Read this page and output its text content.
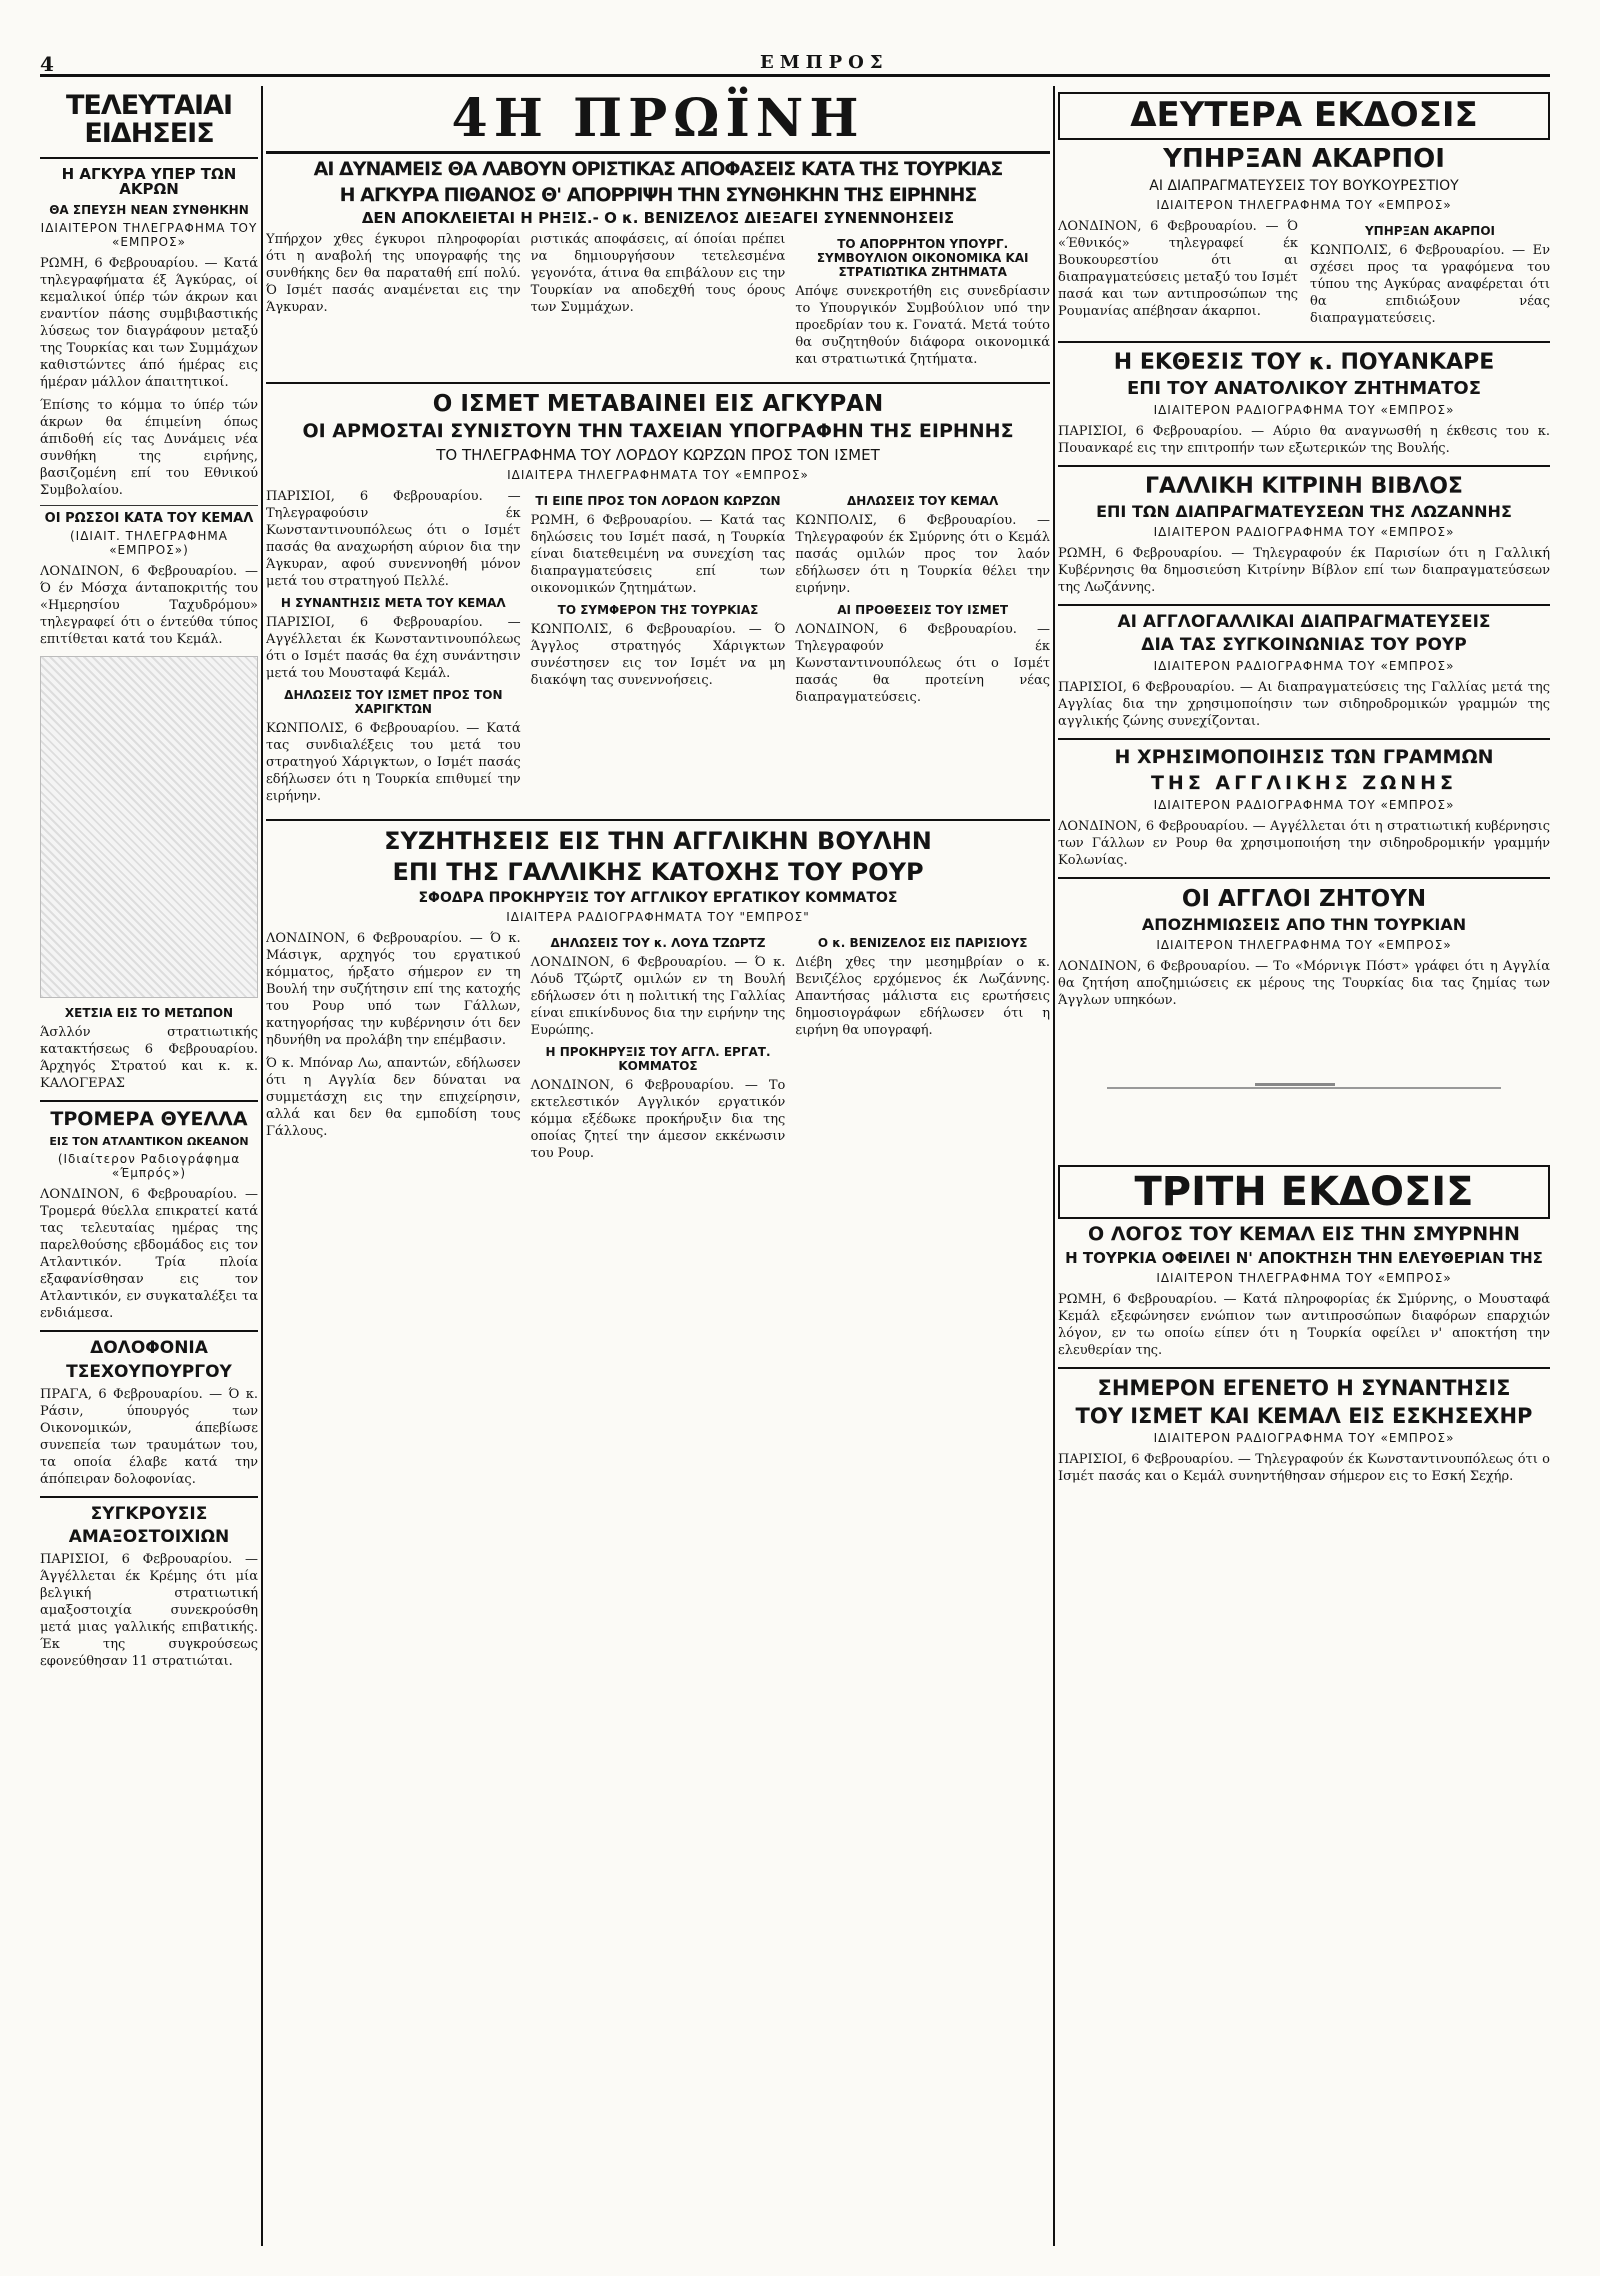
4	ΕΜΠΡΟΣ
ΤΕΛΕΥΤΑΙΑΙ ΕΙΔΗΣΕΙΣ
Η ΑΓΚΥΡΑ ΥΠΕΡ ΤΩΝ ΑΚΡΩΝ
ΘΑ ΣΠΕΥΣΗ ΝΕΑΝ ΣΥΝΘΗΚΗΝ
ΙΔΙΑΙΤΕΡΟΝ ΤΗΛΕΓΡΑΦΗΜΑ ΤΟΥ «ΕΜΠΡΟΣ»

ΡΩΜΗ, 6 Φεβρουαρίου. — Κατά τηλεγραφήματα έξ Άγκύρας, οί κεμαλικοί ύπέρ τών άκρων και εναντίον πάσης συμβιβαστικής λύσεως τον διαγράφουν μεταξύ της Τουρκίας και των Συμμάχων καθιστώντες άπό ήμέρας εις ήμέραν μάλλον άπαιτητικοί.

Έπίσης το κόμμα το ύπέρ τών άκρων θα έπιμείνη όπως άπιδοθή είς τας Δυνάμεις νέα συνθήκη της ειρήνης, βασιζομένη επί του Εθνικού Συμβολαίου.

ΟΙ ΡΩΣΣΟΙ ΚΑΤΑ ΤΟΥ ΚΕΜΑΛ
(ΙΔΙΑΙΤ. ΤΗΛΕΓΡΑΦΗΜΑ «ΕΜΠΡΟΣ»)

ΛΟΝΔΙΝΟΝ, 6 Φεβρουαρίου. — Ό έν Μόσχα άνταποκριτής του «Ημερησίου Ταχυδρόμου» τηλεγραφεί ότι ο έντεύθα τύπος επιτίθεται κατά του Κεμάλ.

ΧΕΤΣΙΑ ΕΙΣ ΤΟ ΜΕΤΩΠΟΝ

Άσλλόν στρατιωτικής κατακτήσεως 6 Φεβρουαρίου. Άρχηγός Στρατού και κ. κ. ΚΑΛΟΓΕΡΑΣ

ΤΡΟΜΕΡΑ ΘΥΕΛΛΑ
ΕΙΣ ΤΟΝ ΑΤΛΑΝΤΙΚΟΝ ΩΚΕΑΝΟΝ
(Ιδιαίτερον Ραδιογράφημα «Έμπρός»)

ΛΟΝΔΙΝΟΝ, 6 Φεβρουαρίου. — Τρομερά θύελλα επικρατεί κατά τας τελευταίας ημέρας της παρελθούσης εβδομάδος εις τον Ατλαντικόν. Τρία πλοία εξαφανίσθησαν εις τον Ατλαντικόν, εν συγκαταλέξει τα ενδιάμεσα.

ΔΟΛΟΦΟΝΙΑ
ΤΣΕΧΟΥΠΟΥΡΓΟΥ

ΠΡΑΓΑ, 6 Φεβρουαρίου. — Ό κ. Ράσιν, ύπουργός των Οικονομικών, άπεβίωσε συνεπεία των τραυμάτων του, τα οποία έλαβε κατά την άπόπειραν δολοφονίας.

ΣΥΓΚΡΟΥΣΙΣ
ΑΜΑΞΟΣΤΟΙΧΙΩΝ

ΠΑΡΙΣΙΟΙ, 6 Φεβρουαρίου. — Άγγέλλεται έκ Κρέμης ότι μία βελγική στρατιωτική αμαξοστοιχία συνεκρούσθη μετά μιας γαλλικής επιβατικής. Έκ της συγκρούσεως εφονεύθησαν 11 στρατιώται.

4Η ΠΡΩΪΝΗ
ΑΙ ΔΥΝΑΜΕΙΣ ΘΑ ΛΑΒΟΥΝ ΟΡΙΣΤΙΚΑΣ ΑΠΟΦΑΣΕΙΣ ΚΑΤΑ ΤΗΣ ΤΟΥΡΚΙΑΣ
Η ΑΓΚΥΡΑ ΠΙΘΑΝΟΣ Θ' ΑΠΟΡΡΙΨΗ ΤΗΝ ΣΥΝΘΗΚΗΝ ΤΗΣ ΕΙΡΗΝΗΣ
ΔΕΝ ΑΠΟΚΛΕΙΕΤΑΙ Η ΡΗΞΙΣ.- Ο κ. ΒΕΝΙΖΕΛΟΣ ΔΙΕΞΑΓΕΙ ΣΥΝΕΝΝΟΗΣΕΙΣ

Υπήρχον χθες έγκυροι πληροφορίαι ότι η αναβολή της υπογραφής της συνθήκης δεν θα παραταθή επί πολύ. Ό Ισμέτ πασάς αναμένεται εις την Άγκυραν.

ριστικάς αποφάσεις, αί όποίαι πρέπει να δημιουργήσουν τετελεσμένα γεγονότα, άτινα θα επιβάλουν εις την Τουρκίαν να αποδεχθή τους όρους των Συμμάχων.

ΤΟ ΑΠΟΡΡΗΤΟΝ ΥΠΟΥΡΓ. ΣΥΜΒΟΥΛΙΟΝ ΟΙΚΟΝΟΜΙΚΑ ΚΑΙ ΣΤΡΑΤΙΩΤΙΚΑ ΖΗΤΗΜΑΤΑ

Απόψε συνεκροτήθη εις συνεδρίασιν το Υπουργικόν Συμβούλιον υπό την προεδρίαν του κ. Γονατά. Μετά τούτο θα συζητηθούν διάφορα οικονομικά και στρατιωτικά ζητήματα.

Ο ΙΣΜΕΤ ΜΕΤΑΒΑΙΝΕΙ ΕΙΣ ΑΓΚΥΡΑΝ
ΟΙ ΑΡΜΟΣΤΑΙ ΣΥΝΙΣΤΟΥΝ ΤΗΝ ΤΑΧΕΙΑΝ ΥΠΟΓΡΑΦΗΝ ΤΗΣ ΕΙΡΗΝΗΣ
ΤΟ ΤΗΛΕΓΡΑΦΗΜΑ ΤΟΥ ΛΟΡΔΟΥ ΚΩΡΖΩΝ ΠΡΟΣ ΤΟΝ ΙΣΜΕΤ
ΙΔΙΑΙΤΕΡΑ ΤΗΛΕΓΡΑΦΗΜΑΤΑ ΤΟΥ «ΕΜΠΡΟΣ»

ΠΑΡΙΣΙΟΙ, 6 Φεβρουαρίου. — Τηλεγραφούσιν έκ Κωνσταντινουπόλεως ότι ο Ισμέτ πασάς θα αναχωρήση αύριον δια την Άγκυραν, αφού συνεννοηθή μόνον μετά του στρατηγού Πελλέ.

Η ΣΥΝΑΝΤΗΣΙΣ ΜΕΤΑ ΤΟΥ ΚΕΜΑΛ

ΠΑΡΙΣΙΟΙ, 6 Φεβρουαρίου. — Αγγέλλεται έκ Κωνσταντινουπόλεως ότι ο Ισμέτ πασάς θα έχη συνάντησιν μετά του Μουσταφά Κεμάλ.

ΔΗΛΩΣΕΙΣ ΤΟΥ ΙΣΜΕΤ ΠΡΟΣ ΤΟΝ ΧΑΡΙΓΚΤΩΝ

ΚΩΝΠΟΛΙΣ, 6 Φεβρουαρίου. — Κατά τας συνδιαλέξεις του μετά του στρατηγού Χάριγκτων, ο Ισμέτ πασάς εδήλωσεν ότι η Τουρκία επιθυμεί την ειρήνην.

ΤΙ ΕΙΠΕ ΠΡΟΣ ΤΟΝ ΛΟΡΔΟΝ ΚΩΡΖΩΝ

ΡΩΜΗ, 6 Φεβρουαρίου. — Κατά τας δηλώσεις του Ισμέτ πασά, η Τουρκία είναι διατεθειμένη να συνεχίση τας διαπραγματεύσεις επί των οικονομικών ζητημάτων.

ΤΟ ΣΥΜΦΕΡΟΝ ΤΗΣ ΤΟΥΡΚΙΑΣ

ΚΩΝΠΟΛΙΣ, 6 Φεβρουαρίου. — Ό Άγγλος στρατηγός Χάριγκτων συνέστησεν εις τον Ισμέτ να μη διακόψη τας συνεννοήσεις.

ΔΗΛΩΣΕΙΣ ΤΟΥ ΚΕΜΑΛ

ΚΩΝΠΟΛΙΣ, 6 Φεβρουαρίου. — Τηλεγραφούν έκ Σμύρνης ότι ο Κεμάλ πασάς ομιλών προς τον λαόν εδήλωσεν ότι η Τουρκία θέλει την ειρήνην.

ΑΙ ΠΡΟΘΕΣΕΙΣ ΤΟΥ ΙΣΜΕΤ

ΛΟΝΔΙΝΟΝ, 6 Φεβρουαρίου. — Τηλεγραφούν έκ Κωνσταντινουπόλεως ότι ο Ισμέτ πασάς θα προτείνη νέας διαπραγματεύσεις.

ΣΥΖΗΤΗΣΕΙΣ ΕΙΣ ΤΗΝ ΑΓΓΛΙΚΗΝ ΒΟΥΛΗΝ
ΕΠΙ ΤΗΣ ΓΑΛΛΙΚΗΣ ΚΑΤΟΧΗΣ ΤΟΥ ΡΟΥΡ
ΣΦΟΔΡΑ ΠΡΟΚΗΡΥΞΙΣ ΤΟΥ ΑΓΓΛΙΚΟΥ ΕΡΓΑΤΙΚΟΥ ΚΟΜΜΑΤΟΣ
ΙΔΙΑΙΤΕΡΑ ΡΑΔΙΟΓΡΑΦΗΜΑΤΑ ΤΟΥ "ΕΜΠΡΟΣ"

ΛΟΝΔΙΝΟΝ, 6 Φεβρουαρίου. — Ό κ. Μάσιγκ, αρχηγός του εργατικού κόμματος, ήρξατο σήμερον εν τη Βουλή την συζήτησιν επί της κατοχής του Ρουρ υπό των Γάλλων, κατηγορήσας την κυβέρνησιν ότι δεν ηδυνήθη να προλάβη την επέμβασιν.

Ό κ. Μπόναρ Λω, απαντών, εδήλωσεν ότι η Αγγλία δεν δύναται να συμμετάσχη εις την επιχείρησιν, αλλά και δεν θα εμποδίση τους Γάλλους.

ΔΗΛΩΣΕΙΣ ΤΟΥ κ. ΛΟΥΔ ΤΖΩΡΤΖ

ΛΟΝΔΙΝΟΝ, 6 Φεβρουαρίου. — Ό κ. Λόυδ Τζώρτζ ομιλών εν τη Βουλή εδήλωσεν ότι η πολιτική της Γαλλίας είναι επικίνδυνος δια την ειρήνην της Ευρώπης.

Η ΠΡΟΚΗΡΥΞΙΣ ΤΟΥ ΑΓΓΛ. ΕΡΓΑΤ. ΚΟΜΜΑΤΟΣ

ΛΟΝΔΙΝΟΝ, 6 Φεβρουαρίου. — Το εκτελεστικόν Αγγλικόν εργατικόν κόμμα εξέδωκε προκήρυξιν δια της οποίας ζητεί την άμεσον εκκένωσιν του Ρουρ.

Ο κ. ΒΕΝΙΖΕΛΟΣ ΕΙΣ ΠΑΡΙΣΙΟΥΣ

Διέβη χθες την μεσημβρίαν ο κ. Βενιζέλος ερχόμενος έκ Λωζάννης. Απαντήσας μάλιστα εις ερωτήσεις δημοσιογράφων εδήλωσεν ότι η ειρήνη θα υπογραφή.

ΔΕΥΤΕΡΑ ΕΚΔΟΣΙΣ
ΥΠΗΡΞΑΝ ΑΚΑΡΠΟΙ
ΑΙ ΔΙΑΠΡΑΓΜΑΤΕΥΣΕΙΣ ΤΟΥ ΒΟΥΚΟΥΡΕΣΤΙΟΥ
ΙΔΙΑΙΤΕΡΟΝ ΤΗΛΕΓΡΑΦΗΜΑ ΤΟΥ «ΕΜΠΡΟΣ»

ΛΟΝΔΙΝΟΝ, 6 Φεβρουαρίου. — Ό «Έθνικός» τηλεγραφεί έκ Βουκουρεστίου ότι αι διαπραγματεύσεις μεταξύ του Ισμέτ πασά και των αντιπροσώπων της Ρουμανίας απέβησαν άκαρποι.

ΥΠΗΡΞΑΝ ΑΚΑΡΠΟΙ

ΚΩΝΠΟΛΙΣ, 6 Φεβρουαρίου. — Εν σχέσει προς τα γραφόμενα του τύπου της Αγκύρας αναφέρεται ότι θα επιδιώξουν νέας διαπραγματεύσεις.

Η ΕΚΘΕΣΙΣ ΤΟΥ κ. ΠΟΥΑΝΚΑΡΕ
ΕΠΙ ΤΟΥ ΑΝΑΤΟΛΙΚΟΥ ΖΗΤΗΜΑΤΟΣ
ΙΔΙΑΙΤΕΡΟΝ ΡΑΔΙΟΓΡΑΦΗΜΑ ΤΟΥ «ΕΜΠΡΟΣ»

ΠΑΡΙΣΙΟΙ, 6 Φεβρουαρίου. — Αύριο θα αναγνωσθή η έκθεσις του κ. Πουανκαρέ εις την επιτροπήν των εξωτερικών της Βουλής.

ΓΑΛΛΙΚΗ ΚΙΤΡΙΝΗ ΒΙΒΛΟΣ
ΕΠΙ ΤΩΝ ΔΙΑΠΡΑΓΜΑΤΕΥΣΕΩΝ ΤΗΣ ΛΩΖΑΝΝΗΣ
ΙΔΙΑΙΤΕΡΟΝ ΡΑΔΙΟΓΡΑΦΗΜΑ ΤΟΥ «ΕΜΠΡΟΣ»

ΡΩΜΗ, 6 Φεβρουαρίου. — Τηλεγραφούν έκ Παρισίων ότι η Γαλλική Κυβέρνησις θα δημοσιεύση Κιτρίνην Βίβλον επί των διαπραγματεύσεων της Λωζάννης.

ΑΙ ΑΓΓΛΟΓΑΛΛΙΚΑΙ ΔΙΑΠΡΑΓΜΑΤΕΥΣΕΙΣ
ΔΙΑ ΤΑΣ ΣΥΓΚΟΙΝΩΝΙΑΣ ΤΟΥ ΡΟΥΡ
ΙΔΙΑΙΤΕΡΟΝ ΡΑΔΙΟΓΡΑΦΗΜΑ ΤΟΥ «ΕΜΠΡΟΣ»

ΠΑΡΙΣΙΟΙ, 6 Φεβρουαρίου. — Αι διαπραγματεύσεις της Γαλλίας μετά της Αγγλίας δια την χρησιμοποίησιν των σιδηροδρομικών γραμμών της αγγλικής ζώνης συνεχίζονται.

Η ΧΡΗΣΙΜΟΠΟΙΗΣΙΣ ΤΩΝ ΓΡΑΜΜΩΝ
ΤΗΣ ΑΓΓΛΙΚΗΣ ΖΩΝΗΣ
ΙΔΙΑΙΤΕΡΟΝ ΡΑΔΙΟΓΡΑΦΗΜΑ ΤΟΥ «ΕΜΠΡΟΣ»

ΛΟΝΔΙΝΟΝ, 6 Φεβρουαρίου. — Αγγέλλεται ότι η στρατιωτική κυβέρνησις των Γάλλων εν Ρουρ θα χρησιμοποιήση την σιδηροδρομικήν γραμμήν Κολωνίας.

ΟΙ ΑΓΓΛΟΙ ΖΗΤΟΥΝ
ΑΠΟΖΗΜΙΩΣΕΙΣ ΑΠΟ ΤΗΝ ΤΟΥΡΚΙΑΝ
ΙΔΙΑΙΤΕΡΟΝ ΤΗΛΕΓΡΑΦΗΜΑ ΤΟΥ «ΕΜΠΡΟΣ»

ΛΟΝΔΙΝΟΝ, 6 Φεβρουαρίου. — Το «Μόρνιγκ Πόστ» γράφει ότι η Αγγλία θα ζητήση αποζημιώσεις εκ μέρους της Τουρκίας δια τας ζημίας των Άγγλων υπηκόων.

ΤΡΙΤΗ ΕΚΔΟΣΙΣ
Ο ΛΟΓΟΣ ΤΟΥ ΚΕΜΑΛ ΕΙΣ ΤΗΝ ΣΜΥΡΝΗΝ
Η ΤΟΥΡΚΙΑ ΟΦΕΙΛΕΙ Ν' ΑΠΟΚΤΗΣΗ ΤΗΝ ΕΛΕΥΘΕΡΙΑΝ ΤΗΣ
ΙΔΙΑΙΤΕΡΟΝ ΤΗΛΕΓΡΑΦΗΜΑ ΤΟΥ «ΕΜΠΡΟΣ»

ΡΩΜΗ, 6 Φεβρουαρίου. — Κατά πληροφορίας έκ Σμύρνης, ο Μουσταφά Κεμάλ εξεφώνησεν ενώπιον των αντιπροσώπων διαφόρων επαρχιών λόγον, εν τω οποίω είπεν ότι η Τουρκία οφείλει ν' αποκτήση την ελευθερίαν της.

ΣΗΜΕΡΟΝ ΕΓΕΝΕΤΟ Η ΣΥΝΑΝΤΗΣΙΣ
ΤΟΥ ΙΣΜΕΤ ΚΑΙ ΚΕΜΑΛ ΕΙΣ ΕΣΚΗΣΕΧΗΡ
ΙΔΙΑΙΤΕΡΟΝ ΡΑΔΙΟΓΡΑΦΗΜΑ ΤΟΥ «ΕΜΠΡΟΣ»

ΠΑΡΙΣΙΟΙ, 6 Φεβρουαρίου. — Τηλεγραφούν έκ Κωνσταντινουπόλεως ότι ο Ισμέτ πασάς και ο Κεμάλ συνηντήθησαν σήμερον εις το Εσκή Σεχήρ.
